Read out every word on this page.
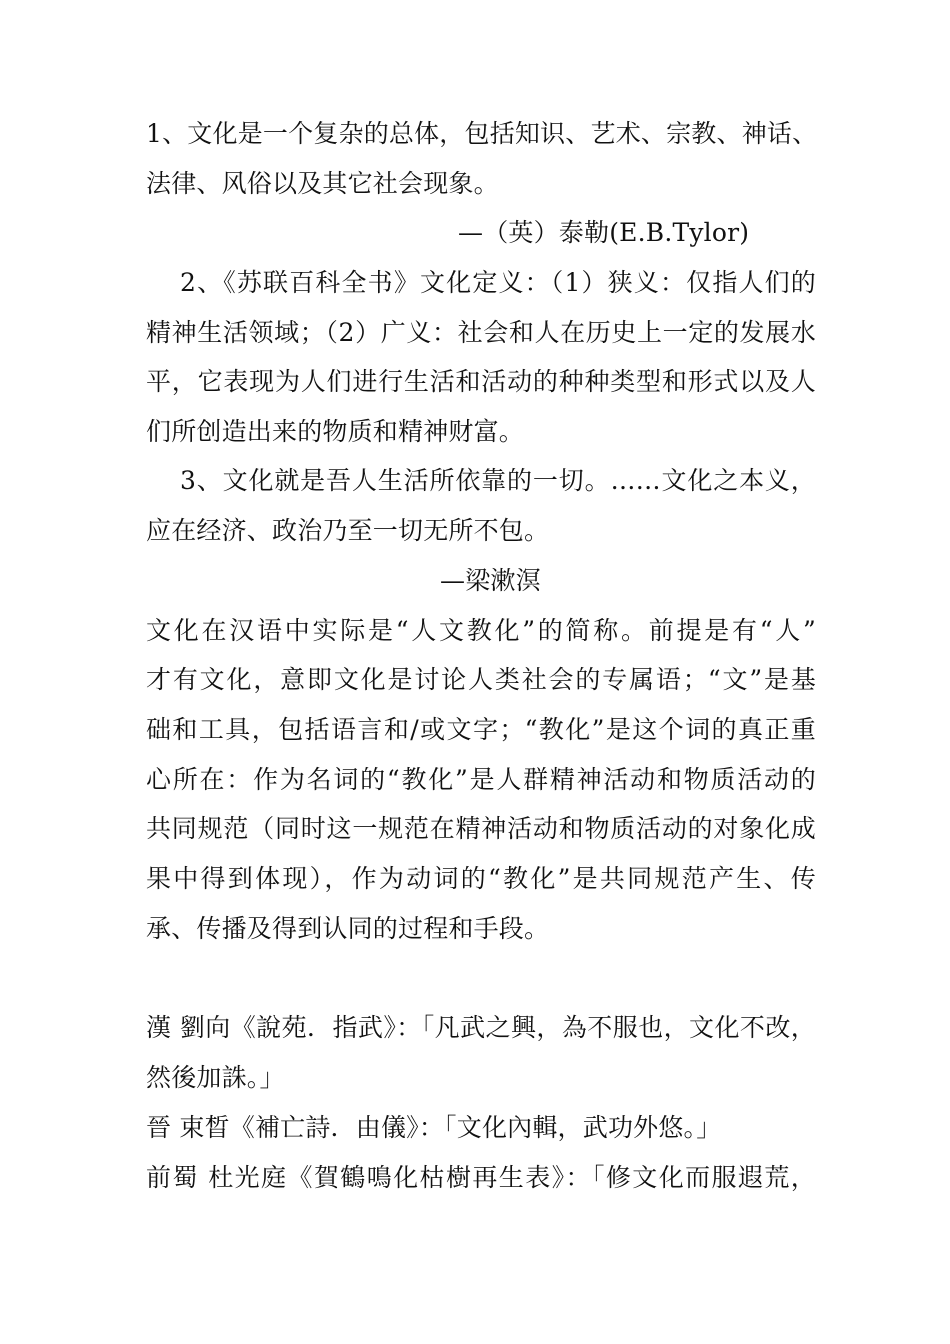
1、文化是一个复杂的总体，包括知识、艺术、宗教、神话、
法律、风俗以及其它社会现象。
—（英）泰勒(E.B.Tylor)
2、《苏联百科全书》文化定义：（1）狭义：仅指人们的
精神生活领域；（2）广义：社会和人在历史上一定的发展水
平，它表现为人们进行生活和活动的种种类型和形式以及人
们所创造出来的物质和精神财富。
3、文化就是吾人生活所依靠的一切。……文化之本义，
应在经济、政治乃至一切无所不包。
—梁漱溟
文化在汉语中实际是“人文教化”的简称。前提是有“人”
才有文化，意即文化是讨论人类社会的专属语；“文”是基
础和工具，包括语言和/或文字；“教化”是这个词的真正重
心所在：作为名词的“教化”是人群精神活动和物质活动的
共同规范（同时这一规范在精神活动和物质活动的对象化成
果中得到体现），作为动词的“教化”是共同规范产生、传
承、传播及得到认同的过程和手段。
漢 劉向《說苑．指武》：「凡武之興，為不服也，文化不改，
然後加誅。」
晉 束晳《補亡詩．由儀》：「文化內輯，武功外悠。」
前蜀 杜光庭《賀鶴鳴化枯樹再生表》：「修文化而服遐荒，
